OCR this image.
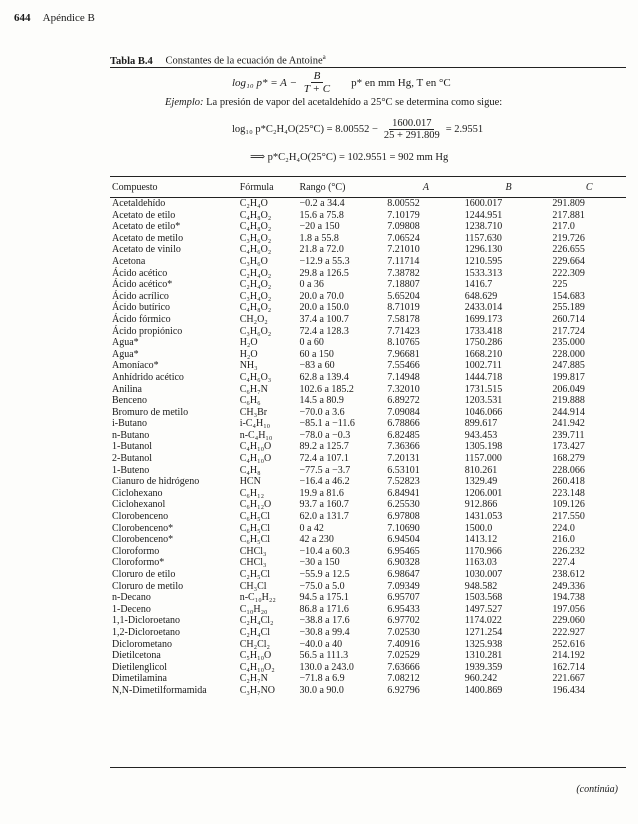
644 Apéndice B
Tabla B.4 Constantes de la ecuación de Antoine$^a$
log₁₀ $p* = A - \frac{B}{T + C} p*$ en mm Hg, T en °C
Ejemplo: La presión de vapor del acetaldehído a 25°C se determina como sigue:
log₁₀ $p*C_2H_4O(25^\circ C) = 8.00552 - \frac{1600.017}{25 + 291.809} = 2.9551$
⟹ p*C₂H₄O(25°C) = 102.9551 = 902 mm Hg
Compuesto	Fórmula	Rango (°C)	A	B	C
Acetaldehído	C₂H₄O	−0.2 a 34.4	8.00552	1600.017	291.809
Acetato de etilo	C₄H₈O₂	15.6 a 75.8	7.10179	1244.951	217.881
Acetato de etilo*	C₄H₈O₂	−20 a 150	7.09808	1238.710	217.0
Acetato de metilo	C₃H₆O₂	1.8 a 55.8	7.06524	1157.630	219.726
Acetato de vinilo	C₄H₆O₂	21.8 a 72.0	7.21010	1296.130	226.655
Acetona	C₃H₆O	−12.9 a 55.3	7.11714	1210.595	229.664
Ácido acético	C₂H₄O₂	29.8 a 126.5	7.38782	1533.313	222.309
Ácido acético*	C₂H₄O₂	0 a 36	7.18807	1416.7	225
Ácido acrílico	C₃H₄O₂	20.0 a 70.0	5.65204	648.629	154.683
Ácido butírico	C₄H₈O₂	20.0 a 150.0	8.71019	2433.014	255.189
Ácido fórmico	CH₂O₂	37.4 a 100.7	7.58178	1699.173	260.714
Ácido propiónico	C₃H₆O₂	72.4 a 128.3	7.71423	1733.418	217.724
Agua*	H₂O	0 a 60	8.10765	1750.286	235.000
Agua*	H₂O	60 a 150	7.96681	1668.210	228.000
Amoníaco*	NH₃	−83 a 60	7.55466	1002.711	247.885
Anhídrido acético	C₄H₆O₃	62.8 a 139.4	7.14948	1444.718	199.817
Anilina	C₆H₇N	102.6 a 185.2	7.32010	1731.515	206.049
Benceno	C₆H₆	14.5 a 80.9	6.89272	1203.531	219.888
Bromuro de metilo	CH₃Br	−70.0 a 3.6	7.09084	1046.066	244.914
i-Butano	i-C₄H₁₀	−85.1 a −11.6	6.78866	899.617	241.942
n-Butano	n-C₄H₁₀	−78.0 a −0.3	6.82485	943.453	239.711
1-Butanol	C₄H₁₀O	89.2 a 125.7	7.36366	1305.198	173.427
2-Butanol	C₄H₁₀O	72.4 a 107.1	7.20131	1157.000	168.279
1-Buteno	C₄H₈	−77.5 a −3.7	6.53101	810.261	228.066
Cianuro de hidrógeno	HCN	−16.4 a 46.2	7.52823	1329.49	260.418
Ciclohexano	C₆H₁₂	19.9 a 81.6	6.84941	1206.001	223.148
Ciclohexanol	C₆H₁₂O	93.7 a 160.7	6.25530	912.866	109.126
Clorobenceno	C₆H₅Cl	62.0 a 131.7	6.97808	1431.053	217.550
Clorobenceno*	C₆H₅Cl	0 a 42	7.10690	1500.0	224.0
Clorobenceno*	C₆H₅Cl	42 a 230	6.94504	1413.12	216.0
Cloroformo	CHCl₃	−10.4 a 60.3	6.95465	1170.966	226.232
Cloroformo*	CHCl₃	−30 a 150	6.90328	1163.03	227.4
Cloruro de etilo	C₂H₅Cl	−55.9 a 12.5	6.98647	1030.007	238.612
Cloruro de metilo	CH₃Cl	−75.0 a 5.0	7.09349	948.582	249.336
n-Decano	n-C₁₀H₂₂	94.5 a 175.1	6.95707	1503.568	194.738
1-Deceno	C₁₀H₂₀	86.8 a 171.6	6.95433	1497.527	197.056
1,1-Dicloroetano	C₂H₄Cl₂	−38.8 a 17.6	6.97702	1174.022	229.060
1,2-Dicloroetano	C₂H₄Cl	−30.8 a 99.4	7.02530	1271.254	222.927
Diclorometano	CH₂Cl₂	−40.0 a 40	7.40916	1325.938	252.616
Dietilcetona	C₅H₁₀O	56.5 a 111.3	7.02529	1310.281	214.192
Dietilenglicol	C₄H₁₀O₂	130.0 a 243.0	7.63666	1939.359	162.714
Dimetilamina	C₂H₇N	−71.8 a 6.9	7.08212	960.242	221.667
N,N-Dimetilformamida	C₃H₇NO	30.0 a 90.0	6.92796	1400.869	196.434
(continúa)
